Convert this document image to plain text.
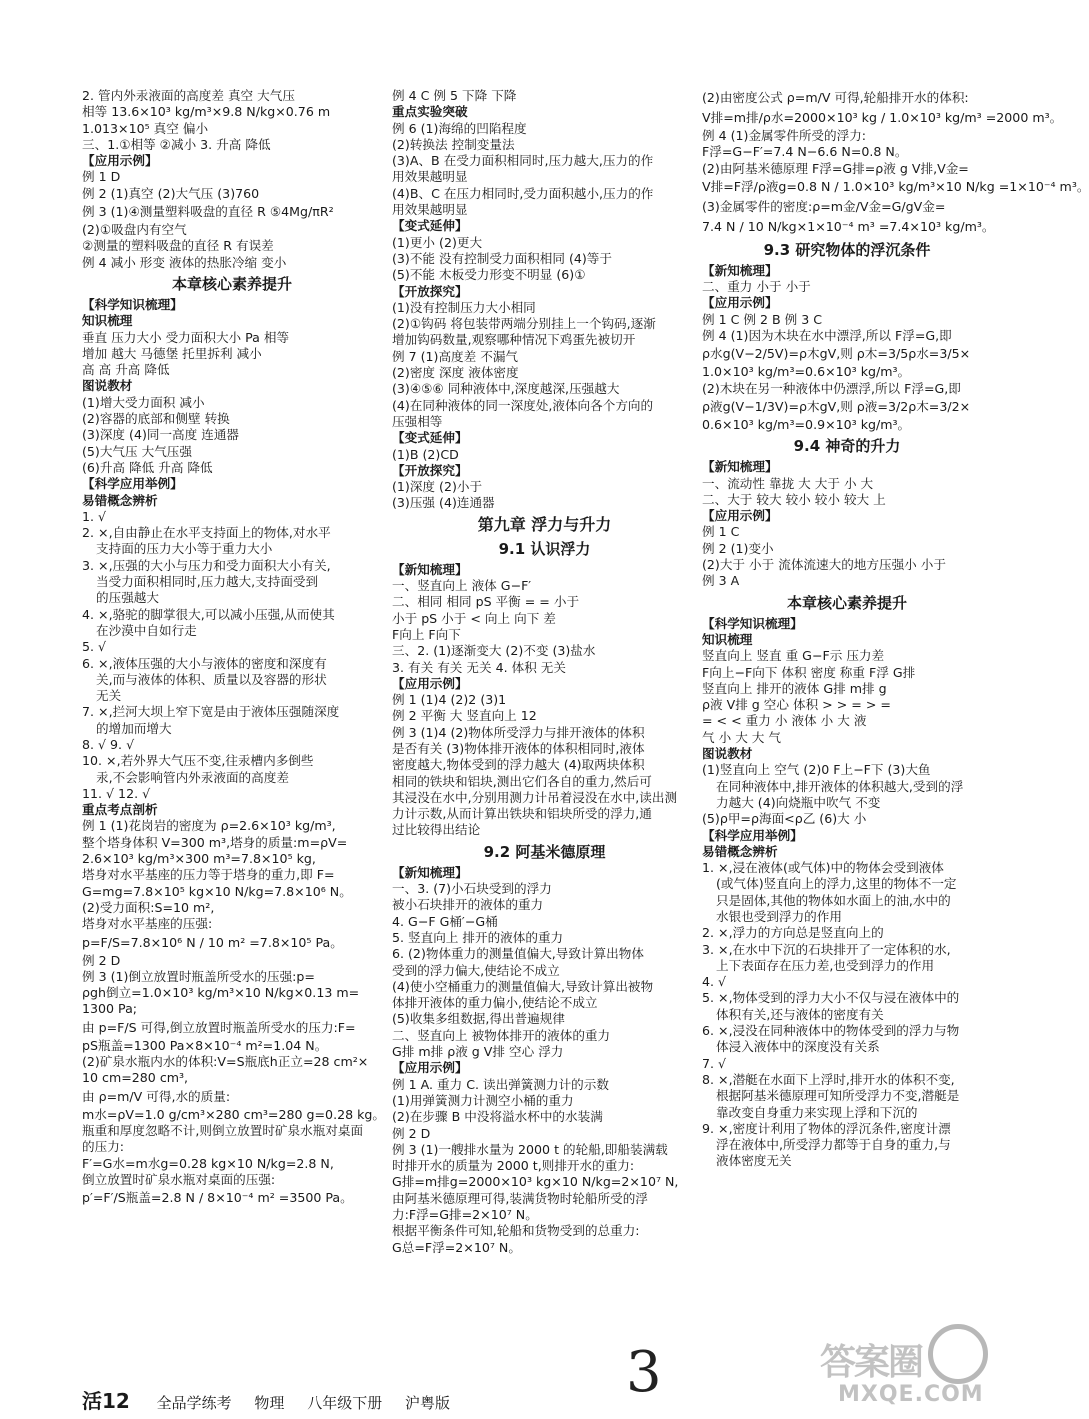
2. 管内外汞液面的高度差 真空 大气压
相等 13.6×10³ kg/m³×9.8 N/kg×0.76 m
1.013×10⁵ 真空 偏小
三、1.①相等 ②减小 3. 升高 降低
【应用示例】
例 1 D
例 2 (1)真空 (2)大气压 (3)760
例 3 (1)④测量塑料吸盘的直径 R ⑤4Mg/πR²
(2)①吸盘内有空气
②测量的塑料吸盘的直径 R 有误差
例 4 减小 形变 液体的热胀冷缩 变小
本章核心素养提升
【科学知识梳理】
知识梳理
垂直 压力大小 受力面积大小 Pa 相等
增加 越大 马德堡 托里拆利 减小
高 高 升高 降低
图说教材
(1)增大受力面积 减小
(2)容器的底部和侧壁 转换
(3)深度 (4)同一高度 连通器
(5)大气压 大气压强
(6)升高 降低 升高 降低
【科学应用举例】
易错概念辨析
1. √
2. ×,自由静止在水平支持面上的物体,对水平
支持面的压力大小等于重力大小
3. ×,压强的大小与压力和受力面积大小有关,
当受力面积相同时,压力越大,支持面受到
的压强越大
4. ×,骆驼的脚掌很大,可以减小压强,从而使其
在沙漠中自如行走
5. √
6. ×,液体压强的大小与液体的密度和深度有
关,而与液体的体积、质量以及容器的形状
无关
7. ×,拦河大坝上窄下宽是由于液体压强随深度
的增加而增大
8. √ 9. √
10. ×,若外界大气压不变,往汞槽内多倒些
汞,不会影响管内外汞液面的高度差
11. √ 12. √
重点考点剖析
例 1 (1)花岗岩的密度为 ρ=2.6×10³ kg/m³,
整个塔身体积 V=300 m³,塔身的质量:m=ρV=
2.6×10³ kg/m³×300 m³=7.8×10⁵ kg,
塔身对水平基座的压力等于塔身的重力,即 F=
G=mg=7.8×10⁵ kg×10 N/kg=7.8×10⁶ N。
(2)受力面积:S=10 m²,
塔身对水平基座的压强:
p=F/S=7.8×10⁶ N / 10 m² =7.8×10⁵ Pa。
例 2 D
例 3 (1)倒立放置时瓶盖所受水的压强:p=
ρgh倒立=1.0×10³ kg/m³×10 N/kg×0.13 m=
1300 Pa;
由 p=F/S 可得,倒立放置时瓶盖所受水的压力:F=
pS瓶盖=1300 Pa×8×10⁻⁴ m²=1.04 N。
(2)矿泉水瓶内水的体积:V=S瓶底h正立=28 cm²×
10 cm=280 cm³,
由 ρ=m/V 可得,水的质量:
m水=ρV=1.0 g/cm³×280 cm³=280 g=0.28 kg。
瓶重和厚度忽略不计,则倒立放置时矿泉水瓶对桌面
的压力:
F′=G水=m水g=0.28 kg×10 N/kg=2.8 N,
倒立放置时矿泉水瓶对桌面的压强:
p′=F′/S瓶盖=2.8 N / 8×10⁻⁴ m² =3500 Pa。
例 4 C 例 5 下降 下降
重点实验突破
例 6 (1)海绵的凹陷程度
(2)转换法 控制变量法
(3)A、B 在受力面积相同时,压力越大,压力的作
用效果越明显
(4)B、C 在压力相同时,受力面积越小,压力的作
用效果越明显
【变式延伸】
(1)更小 (2)更大
(3)不能 没有控制受力面积相同 (4)等于
(5)不能 木板受力形变不明显 (6)①
【开放探究】
(1)没有控制压力大小相同
(2)①钩码 将包装带两端分别挂上一个钩码,逐渐
增加钩码数量,观察哪种情况下鸡蛋先被切开
例 7 (1)高度差 不漏气
(2)密度 深度 液体密度
(3)④⑤⑥ 同种液体中,深度越深,压强越大
(4)在同种液体的同一深度处,液体向各个方向的
压强相等
【变式延伸】
(1)B (2)CD
【开放探究】
(1)深度 (2)小于
(3)压强 (4)连通器
第九章 浮力与升力
9.1 认识浮力
【新知梳理】
一、竖直向上 液体 G−F′
二、相同 相同 pS 平衡 = = 小于
小于 pS 小于 < 向上 向下 差
F向上 F向下
三、2. (1)逐渐变大 (2)不变 (3)盐水
3. 有关 有关 无关 4. 体积 无关
【应用示例】
例 1 (1)4 (2)2 (3)1
例 2 平衡 大 竖直向上 12
例 3 (1)4 (2)物体所受浮力与排开液体的体积
是否有关 (3)物体排开液体的体积相同时,液体
密度越大,物体受到的浮力越大 (4)取两块体积
相同的铁块和铝块,测出它们各自的重力,然后可
其浸没在水中,分别用测力计吊着浸没在水中,读出测
力计示数,从而计算出铁块和铝块所受的浮力,通
过比较得出结论
9.2 阿基米德原理
【新知梳理】
一、3. (7)小石块受到的浮力
被小石块排开的液体的重力
4. G−F G桶′−G桶
5. 竖直向上 排开的液体的重力
6. (2)物体重力的测量值偏大,导致计算出物体
受到的浮力偏大,使结论不成立
(4)使小空桶重力的测量值偏大,导致计算出被物
体排开液体的重力偏小,使结论不成立
(5)收集多组数据,得出普遍规律
二、竖直向上 被物体排开的液体的重力
G排 m排 ρ液 g V排 空心 浮力
【应用示例】
例 1 A. 重力 C. 读出弹簧测力计的示数
(1)用弹簧测力计测空小桶的重力
(2)在步骤 B 中没将溢水杯中的水装满
例 2 D
例 3 (1)一艘排水量为 2000 t 的轮船,即船装满载
时排开水的质量为 2000 t,则排开水的重力:
G排=m排g=2000×10³ kg×10 N/kg=2×10⁷ N,
由阿基米德原理可得,装满货物时轮船所受的浮
力:F浮=G排=2×10⁷ N。
根据平衡条件可知,轮船和货物受到的总重力:
G总=F浮=2×10⁷ N。
(2)由密度公式 ρ=m/V 可得,轮船排开水的体积:
V排=m排/ρ水=2000×10³ kg / 1.0×10³ kg/m³ =2000 m³。
例 4 (1)金属零件所受的浮力:
F浮=G−F′=7.4 N−6.6 N=0.8 N。
(2)由阿基米德原理 F浮=G排=ρ液 g V排,V金=
V排=F浮/ρ液g=0.8 N / 1.0×10³ kg/m³×10 N/kg =1×10⁻⁴ m³。
(3)金属零件的密度:ρ=m金/V金=G/gV金=
7.4 N / 10 N/kg×1×10⁻⁴ m³ =7.4×10³ kg/m³。
9.3 研究物体的浮沉条件
【新知梳理】
二、重力 小于 小于
【应用示例】
例 1 C 例 2 B 例 3 C
例 4 (1)因为木块在水中漂浮,所以 F浮=G,即
ρ水g(V−2/5V)=ρ木gV,则 ρ木=3/5ρ水=3/5×
1.0×10³ kg/m³=0.6×10³ kg/m³。
(2)木块在另一种液体中仍漂浮,所以 F浮=G,即
ρ液g(V−1/3V)=ρ木gV,则 ρ液=3/2ρ木=3/2×
0.6×10³ kg/m³=0.9×10³ kg/m³。
9.4 神奇的升力
【新知梳理】
一、流动性 靠拢 大 大于 小 大
二、大于 较大 较小 较小 较大 上
【应用示例】
例 1 C
例 2 (1)变小
(2)大于 小于 流体流速大的地方压强小 小于
例 3 A
本章核心素养提升
【科学知识梳理】
知识梳理
竖直向上 竖直 重 G−F示 压力差
F向上−F向下 体积 密度 称重 F浮 G排
竖直向上 排开的液体 G排 m排 g
ρ液 V排 g 空心 体积 > > = > =
= < < 重力 小 液体 小 大 液
气 小 大 大 气
图说教材
(1)竖直向上 空气 (2)0 F上−F下 (3)大鱼
在同种液体中,排开液体的体积越大,受到的浮
力越大 (4)向烧瓶中吹气 不变
(5)ρ甲=ρ海面<ρ乙 (6)大 小
【科学应用举例】
易错概念辨析
1. ×,浸在液体(或气体)中的物体会受到液体
(或气体)竖直向上的浮力,这里的物体不一定
只是固体,其他的物体如水面上的油,水中的
水银也受到浮力的作用
2. ×,浮力的方向总是竖直向上的
3. ×,在水中下沉的石块排开了一定体积的水,
上下表面存在压力差,也受到浮力的作用
4. √
5. ×,物体受到的浮力大小不仅与浸在液体中的
体积有关,还与液体的密度有关
6. ×,浸没在同种液体中的物体受到的浮力与物
体浸入液体中的深度没有关系
7. √
8. ×,潜艇在水面下上浮时,排开水的体积不变,
根据阿基米德原理可知所受浮力不变,潜艇是
靠改变自身重力来实现上浮和下沉的
9. ×,密度计利用了物体的浮沉条件,密度计漂
浮在液体中,所受浮力都等于自身的重力,与
液体密度无关
活12 全品学练考 物理 八年级下册 沪粤版	3	答案圈
MXQE.COM
